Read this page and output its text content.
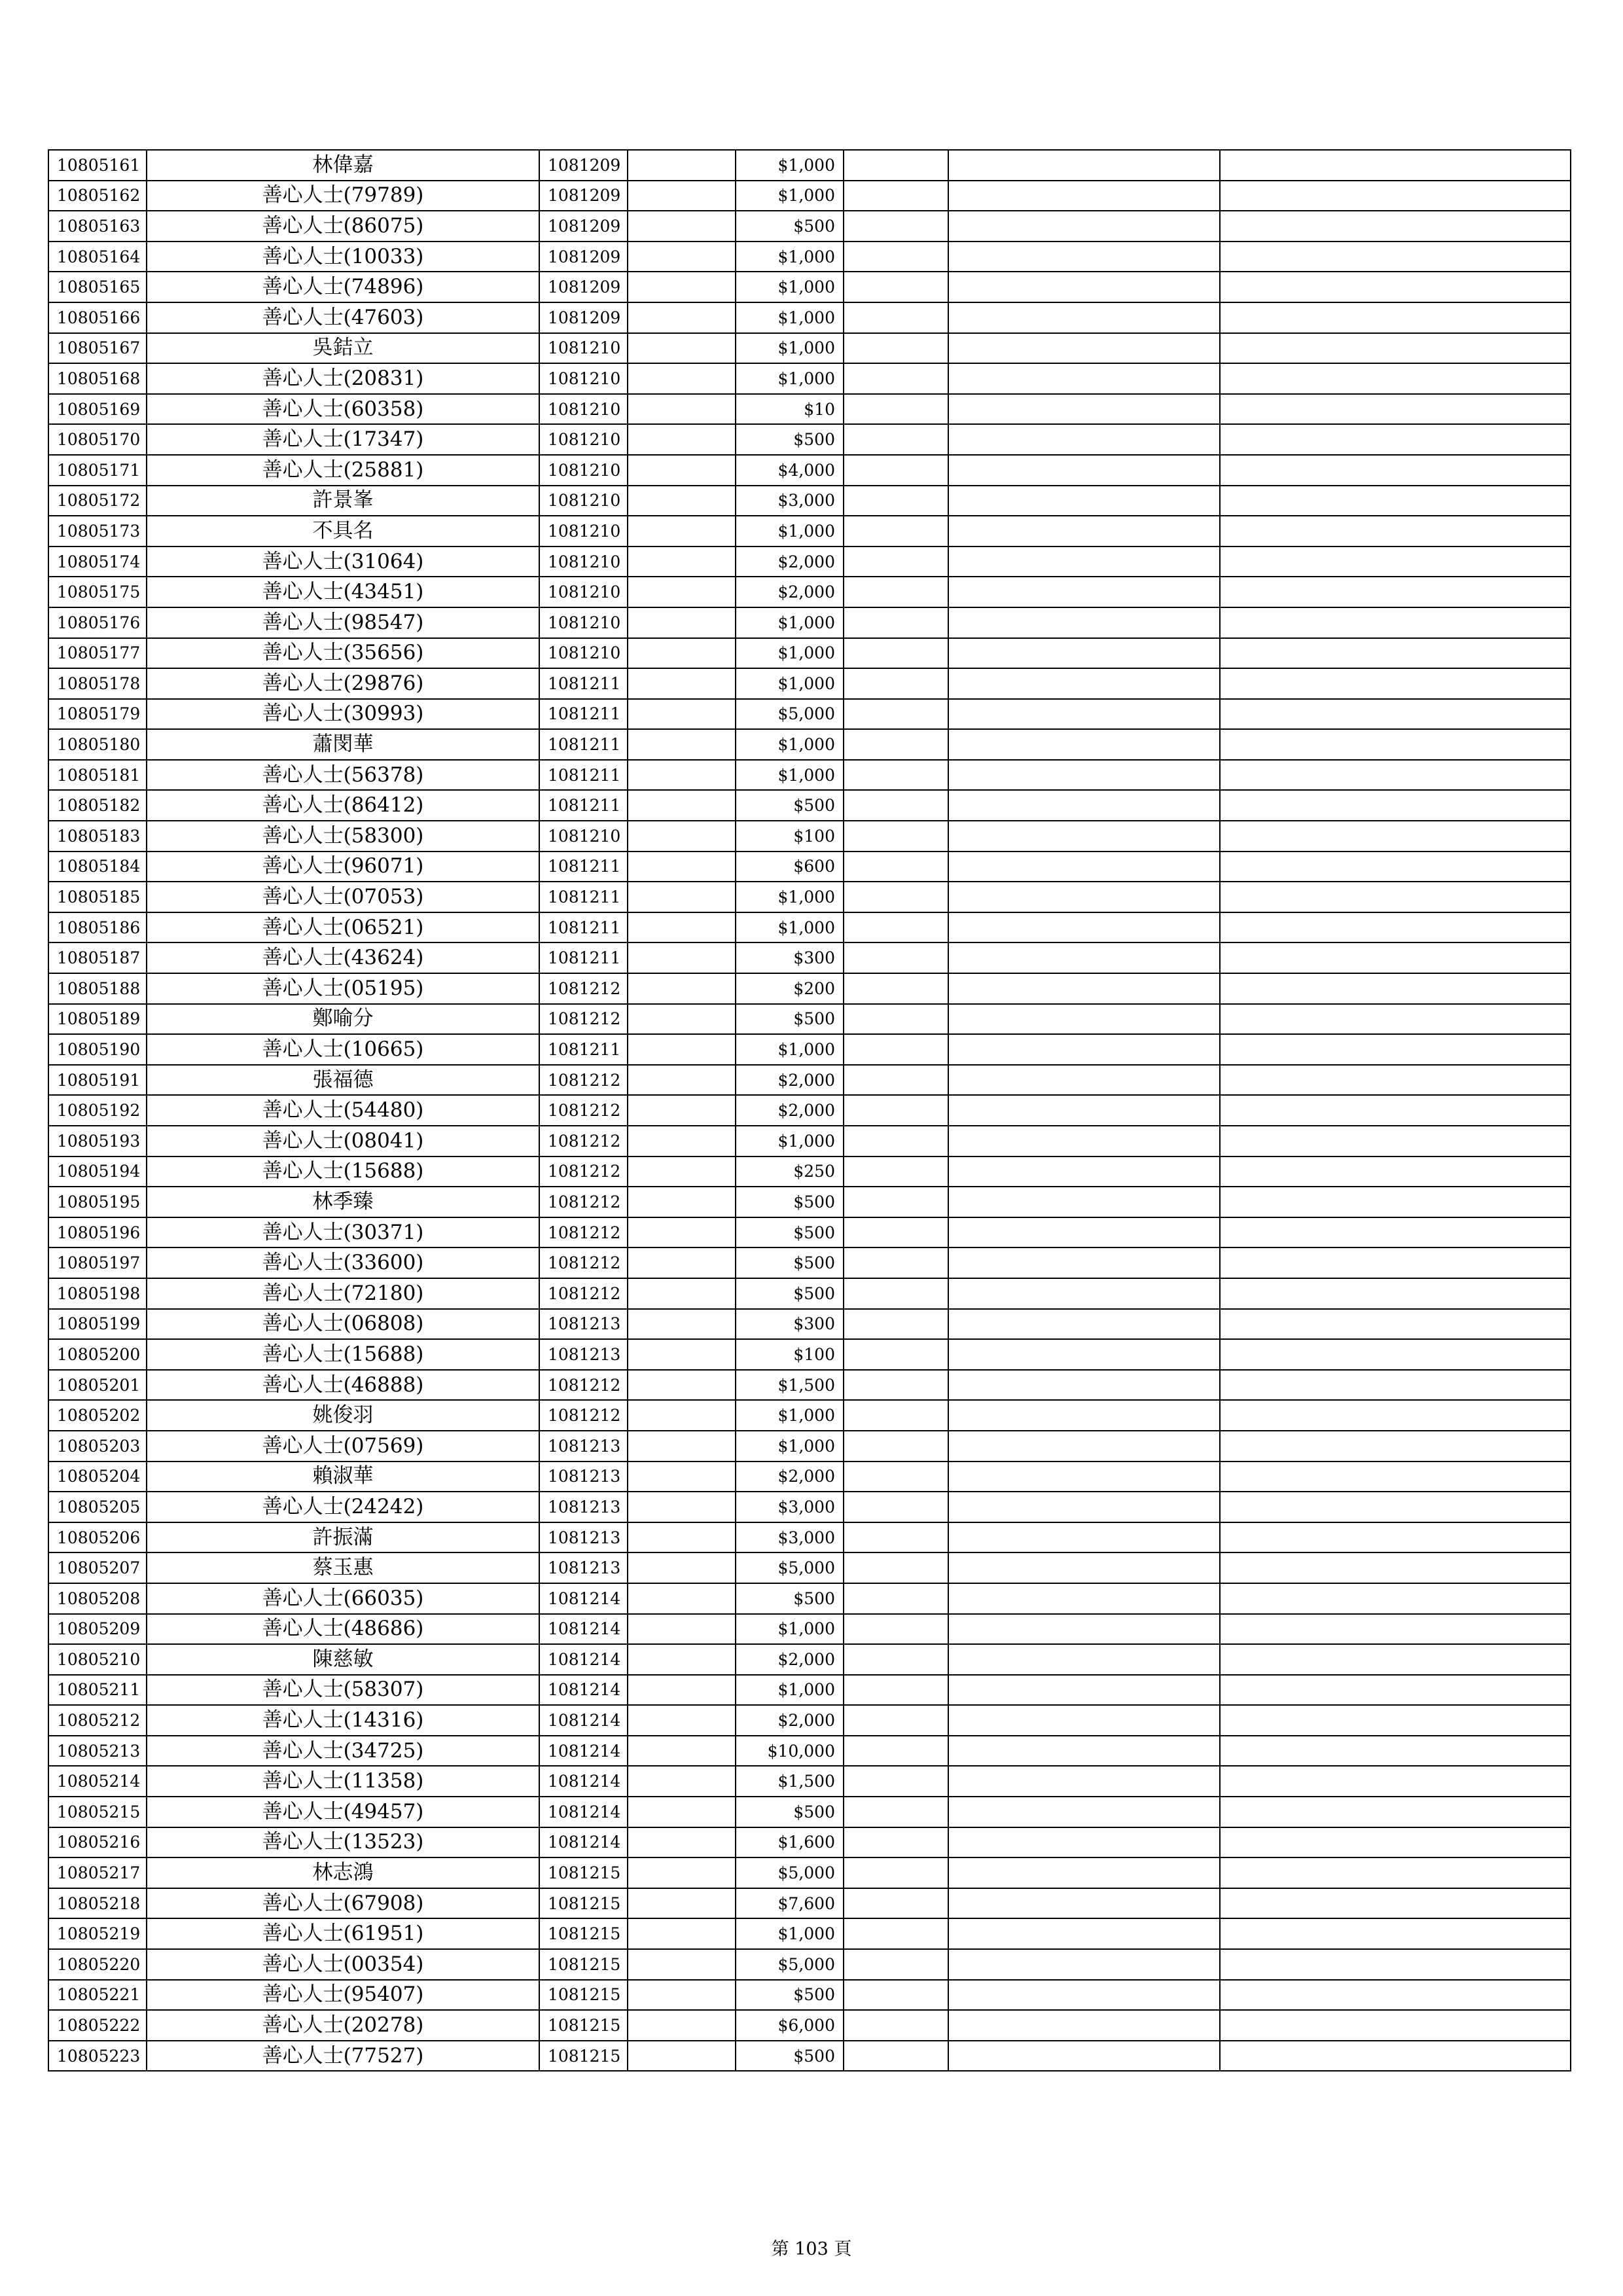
10805161	林偉嘉	1081209		$1,000			
10805162	善心人士(79789)	1081209		$1,000			
10805163	善心人士(86075)	1081209		$500			
10805164	善心人士(10033)	1081209		$1,000			
10805165	善心人士(74896)	1081209		$1,000			
10805166	善心人士(47603)	1081209		$1,000			
10805167	吳銡立	1081210		$1,000			
10805168	善心人士(20831)	1081210		$1,000			
10805169	善心人士(60358)	1081210		$10			
10805170	善心人士(17347)	1081210		$500			
10805171	善心人士(25881)	1081210		$4,000			
10805172	許景峯	1081210		$3,000			
10805173	不具名	1081210		$1,000			
10805174	善心人士(31064)	1081210		$2,000			
10805175	善心人士(43451)	1081210		$2,000			
10805176	善心人士(98547)	1081210		$1,000			
10805177	善心人士(35656)	1081210		$1,000			
10805178	善心人士(29876)	1081211		$1,000			
10805179	善心人士(30993)	1081211		$5,000			
10805180	蕭閔華	1081211		$1,000			
10805181	善心人士(56378)	1081211		$1,000			
10805182	善心人士(86412)	1081211		$500			
10805183	善心人士(58300)	1081210		$100			
10805184	善心人士(96071)	1081211		$600			
10805185	善心人士(07053)	1081211		$1,000			
10805186	善心人士(06521)	1081211		$1,000			
10805187	善心人士(43624)	1081211		$300			
10805188	善心人士(05195)	1081212		$200			
10805189	鄭喻分	1081212		$500			
10805190	善心人士(10665)	1081211		$1,000			
10805191	張福德	1081212		$2,000			
10805192	善心人士(54480)	1081212		$2,000			
10805193	善心人士(08041)	1081212		$1,000			
10805194	善心人士(15688)	1081212		$250			
10805195	林季臻	1081212		$500			
10805196	善心人士(30371)	1081212		$500			
10805197	善心人士(33600)	1081212		$500			
10805198	善心人士(72180)	1081212		$500			
10805199	善心人士(06808)	1081213		$300			
10805200	善心人士(15688)	1081213		$100			
10805201	善心人士(46888)	1081212		$1,500			
10805202	姚俊羽	1081212		$1,000			
10805203	善心人士(07569)	1081213		$1,000			
10805204	賴淑華	1081213		$2,000			
10805205	善心人士(24242)	1081213		$3,000			
10805206	許振滿	1081213		$3,000			
10805207	蔡玉惠	1081213		$5,000			
10805208	善心人士(66035)	1081214		$500			
10805209	善心人士(48686)	1081214		$1,000			
10805210	陳慈敏	1081214		$2,000			
10805211	善心人士(58307)	1081214		$1,000			
10805212	善心人士(14316)	1081214		$2,000			
10805213	善心人士(34725)	1081214		$10,000			
10805214	善心人士(11358)	1081214		$1,500			
10805215	善心人士(49457)	1081214		$500			
10805216	善心人士(13523)	1081214		$1,600			
10805217	林志鴻	1081215		$5,000			
10805218	善心人士(67908)	1081215		$7,600			
10805219	善心人士(61951)	1081215		$1,000			
10805220	善心人士(00354)	1081215		$5,000			
10805221	善心人士(95407)	1081215		$500			
10805222	善心人士(20278)	1081215		$6,000			
10805223	善心人士(77527)	1081215		$500			
第 103 頁
